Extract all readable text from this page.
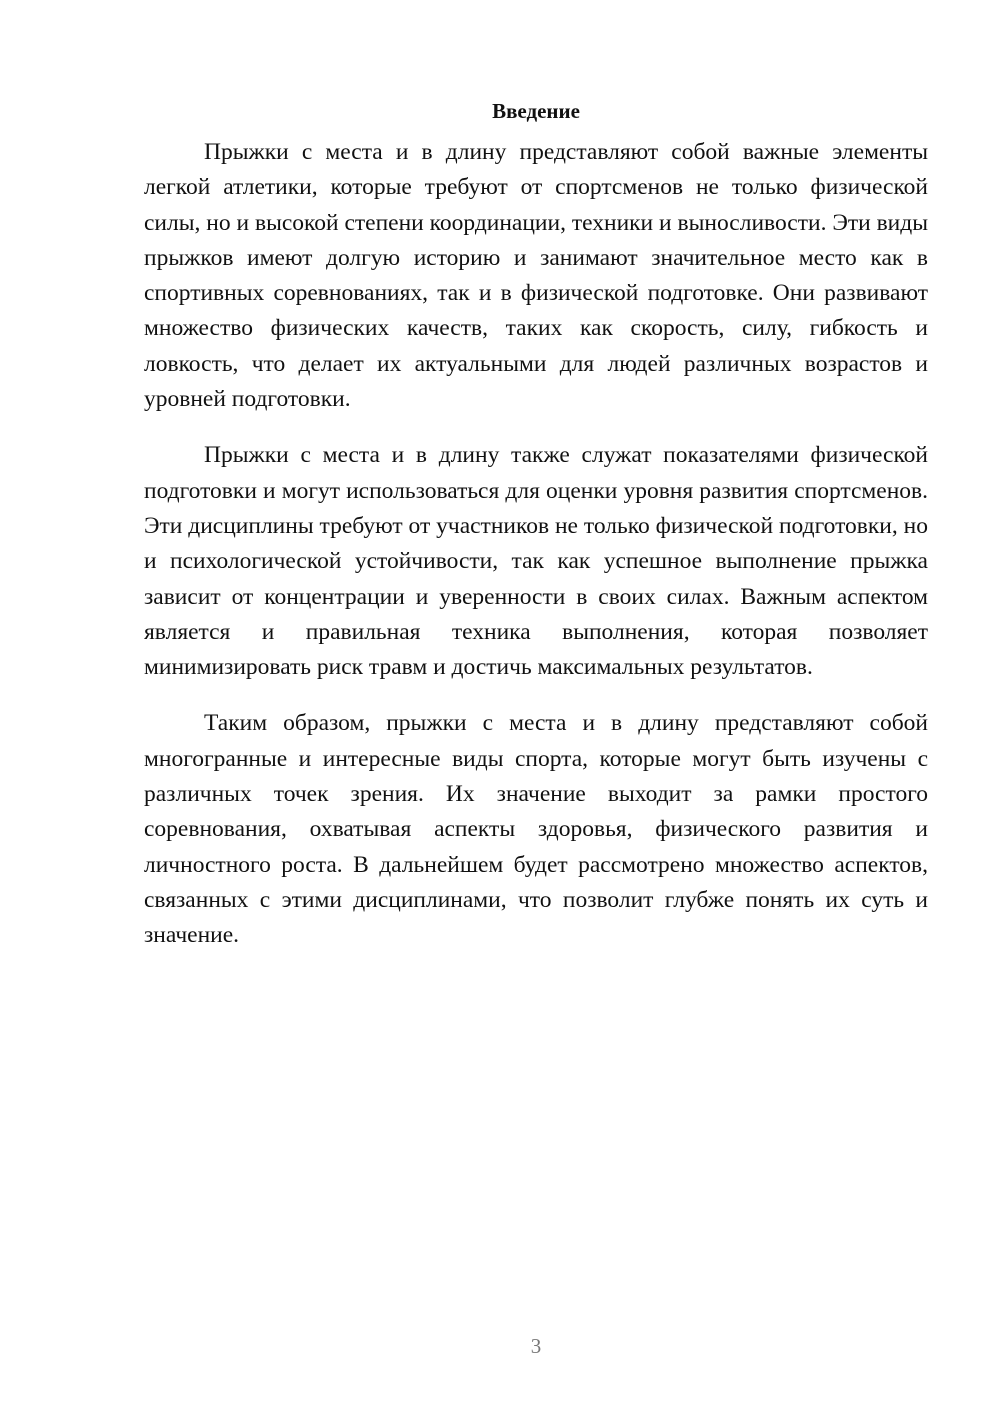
Введение

Прыжки с места и в длину представляют собой важные элементы легкой атлетики, которые требуют от спортсменов не только физической силы, но и высокой степени координации, техники и выносливости. Эти виды прыжков имеют долгую историю и занимают значительное место как в спортивных соревнованиях, так и в физической подготовке. Они развивают множество физических качеств, таких как скорость, силу, гибкость и ловкость, что делает их актуальными для людей различных возрастов и уровней подготовки.

Прыжки с места и в длину также служат показателями физической подготовки и могут использоваться для оценки уровня развития спортсменов. Эти дисциплины требуют от участников не только физической подготовки, но и психологической устойчивости, так как успешное выполнение прыжка зависит от концентрации и уверенности в своих силах. Важным аспектом является и правильная техника выполнения, которая позволяет минимизировать риск травм и достичь максимальных результатов.

Таким образом, прыжки с места и в длину представляют собой многогранные и интересные виды спорта, которые могут быть изучены с различных точек зрения. Их значение выходит за рамки простого соревнования, охватывая аспекты здоровья, физического развития и личностного роста. В дальнейшем будет рассмотрено множество аспектов, связанных с этими дисциплинами, что позволит глубже понять их суть и значение.

3
